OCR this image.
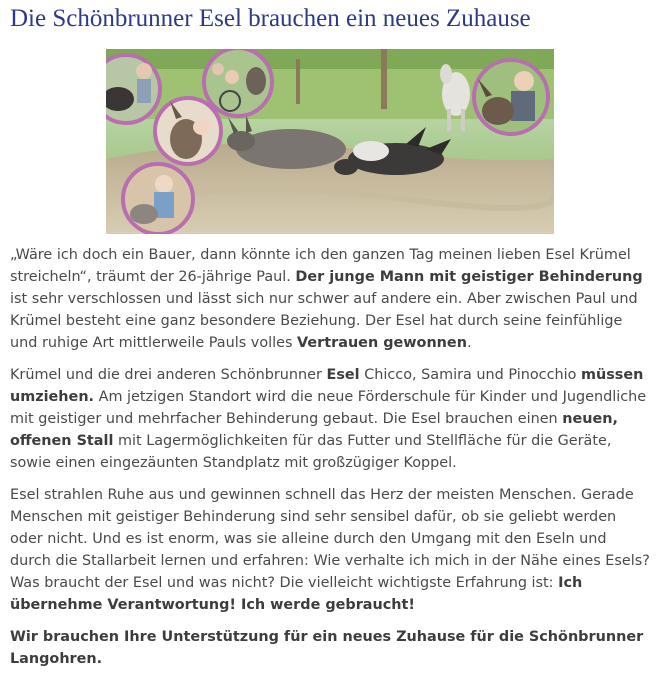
Die Schönbrunner Esel brauchen ein neues Zuhause

„Wäre ich doch ein Bauer, dann könnte ich den ganzen Tag meinen lieben Esel Krümel streicheln“, träumt der 26-jährige Paul. Der junge Mann mit geistiger Behinderung ist sehr verschlossen und lässt sich nur schwer auf andere ein. Aber zwischen Paul und Krümel besteht eine ganz besondere Beziehung. Der Esel hat durch seine feinfühlige und ruhige Art mittlerweile Pauls volles Vertrauen gewonnen.

Krümel und die drei anderen Schönbrunner Esel Chicco, Samira und Pinocchio müssen umziehen. Am jetzigen Standort wird die neue Förderschule für Kinder und Jugendliche mit geistiger und mehrfacher Behinderung gebaut. Die Esel brauchen einen neuen, offenen Stall mit Lagermöglichkeiten für das Futter und Stellfläche für die Geräte, sowie einen eingezäunten Standplatz mit großzügiger Koppel.

Esel strahlen Ruhe aus und gewinnen schnell das Herz der meisten Menschen. Gerade Menschen mit geistiger Behinderung sind sehr sensibel dafür, ob sie geliebt werden oder nicht. Und es ist enorm, was sie alleine durch den Umgang mit den Eseln und durch die Stallarbeit lernen und erfahren: Wie verhalte ich mich in der Nähe eines Esels? Was braucht der Esel und was nicht? Die vielleicht wichtigste Erfahrung ist: Ich übernehme Verantwortung! Ich werde gebraucht!

Wir brauchen Ihre Unterstützung für ein neues Zuhause für die Schönbrunner Langohren.
